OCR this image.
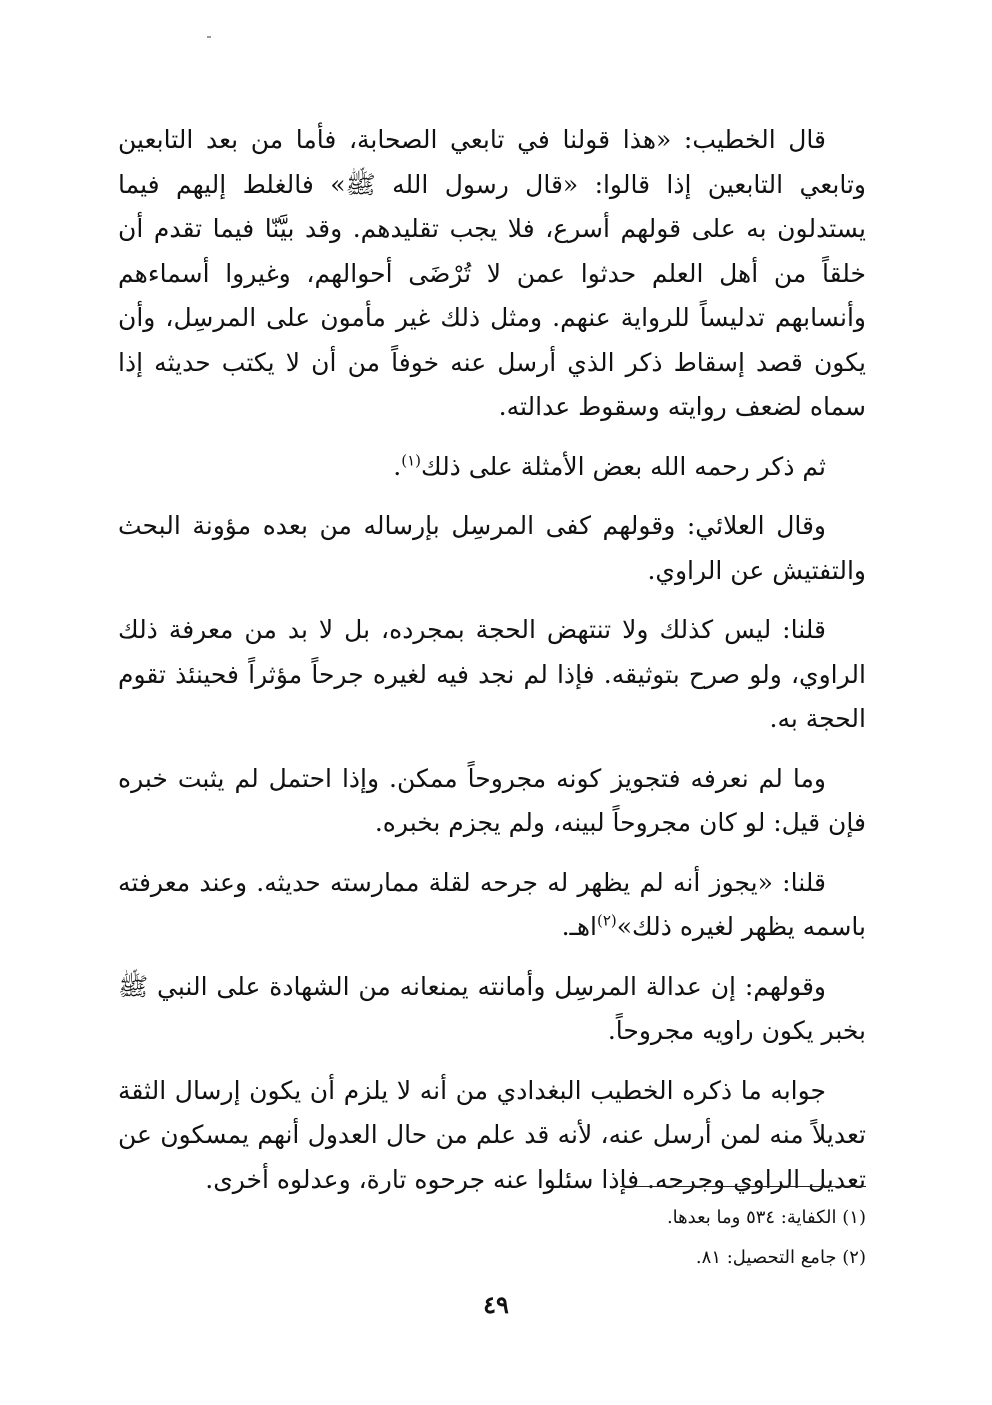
قال الخطيب: «هذا قولنا في تابعي الصحابة، فأما من بعد التابعين وتابعي التابعين إذا قالوا: «قال رسول الله ﷺ» فالغلط إليهم فيما يستدلون به على قولهم أسرع، فلا يجب تقليدهم. وقد بيَّنّا فيما تقدم أن خلقاً من أهل العلم حدثوا عمن لا تُرْضَى أحوالهم، وغيروا أسماءهم وأنسابهم تدليساً للرواية عنهم. ومثل ذلك غير مأمون على المرسِل، وأن يكون قصد إسقاط ذكر الذي أرسل عنه خوفاً من أن لا يكتب حديثه إذا سماه لضعف روايته وسقوط عدالته.

ثم ذكر رحمه الله بعض الأمثلة على ذلك$^{(١)}$.

وقال العلائي: وقولهم كفى المرسِل بإرساله من بعده مؤونة البحث والتفتيش عن الراوي.

قلنا: ليس كذلك ولا تنتهض الحجة بمجرده، بل لا بد من معرفة ذلك الراوي، ولو صرح بتوثيقه. فإذا لم نجد فيه لغيره جرحاً مؤثراً فحينئذ تقوم الحجة به.

وما لم نعرفه فتجويز كونه مجروحاً ممكن. وإذا احتمل لم يثبت خبره فإن قيل: لو كان مجروحاً لبينه، ولم يجزم بخبره.

قلنا: «يجوز أنه لم يظهر له جرحه لقلة ممارسته حديثه. وعند معرفته باسمه يظهر لغيره ذلك»$^{(٢)}$اهـ.

وقولهم: إن عدالة المرسِل وأمانته يمنعانه من الشهادة على النبي ﷺ بخبر يكون راويه مجروحاً.

جوابه ما ذكره الخطيب البغدادي من أنه لا يلزم أن يكون إرسال الثقة تعديلاً منه لمن أرسل عنه، لأنه قد علم من حال العدول أنهم يمسكون عن تعديل الراوي وجرحه. فإذا سئلوا عنه جرحوه تارة، وعدلوه أخرى.

(١) الكفاية: ٥٣٤ وما بعدها.

(٢) جامع التحصيل: ٨١.

٤٩
